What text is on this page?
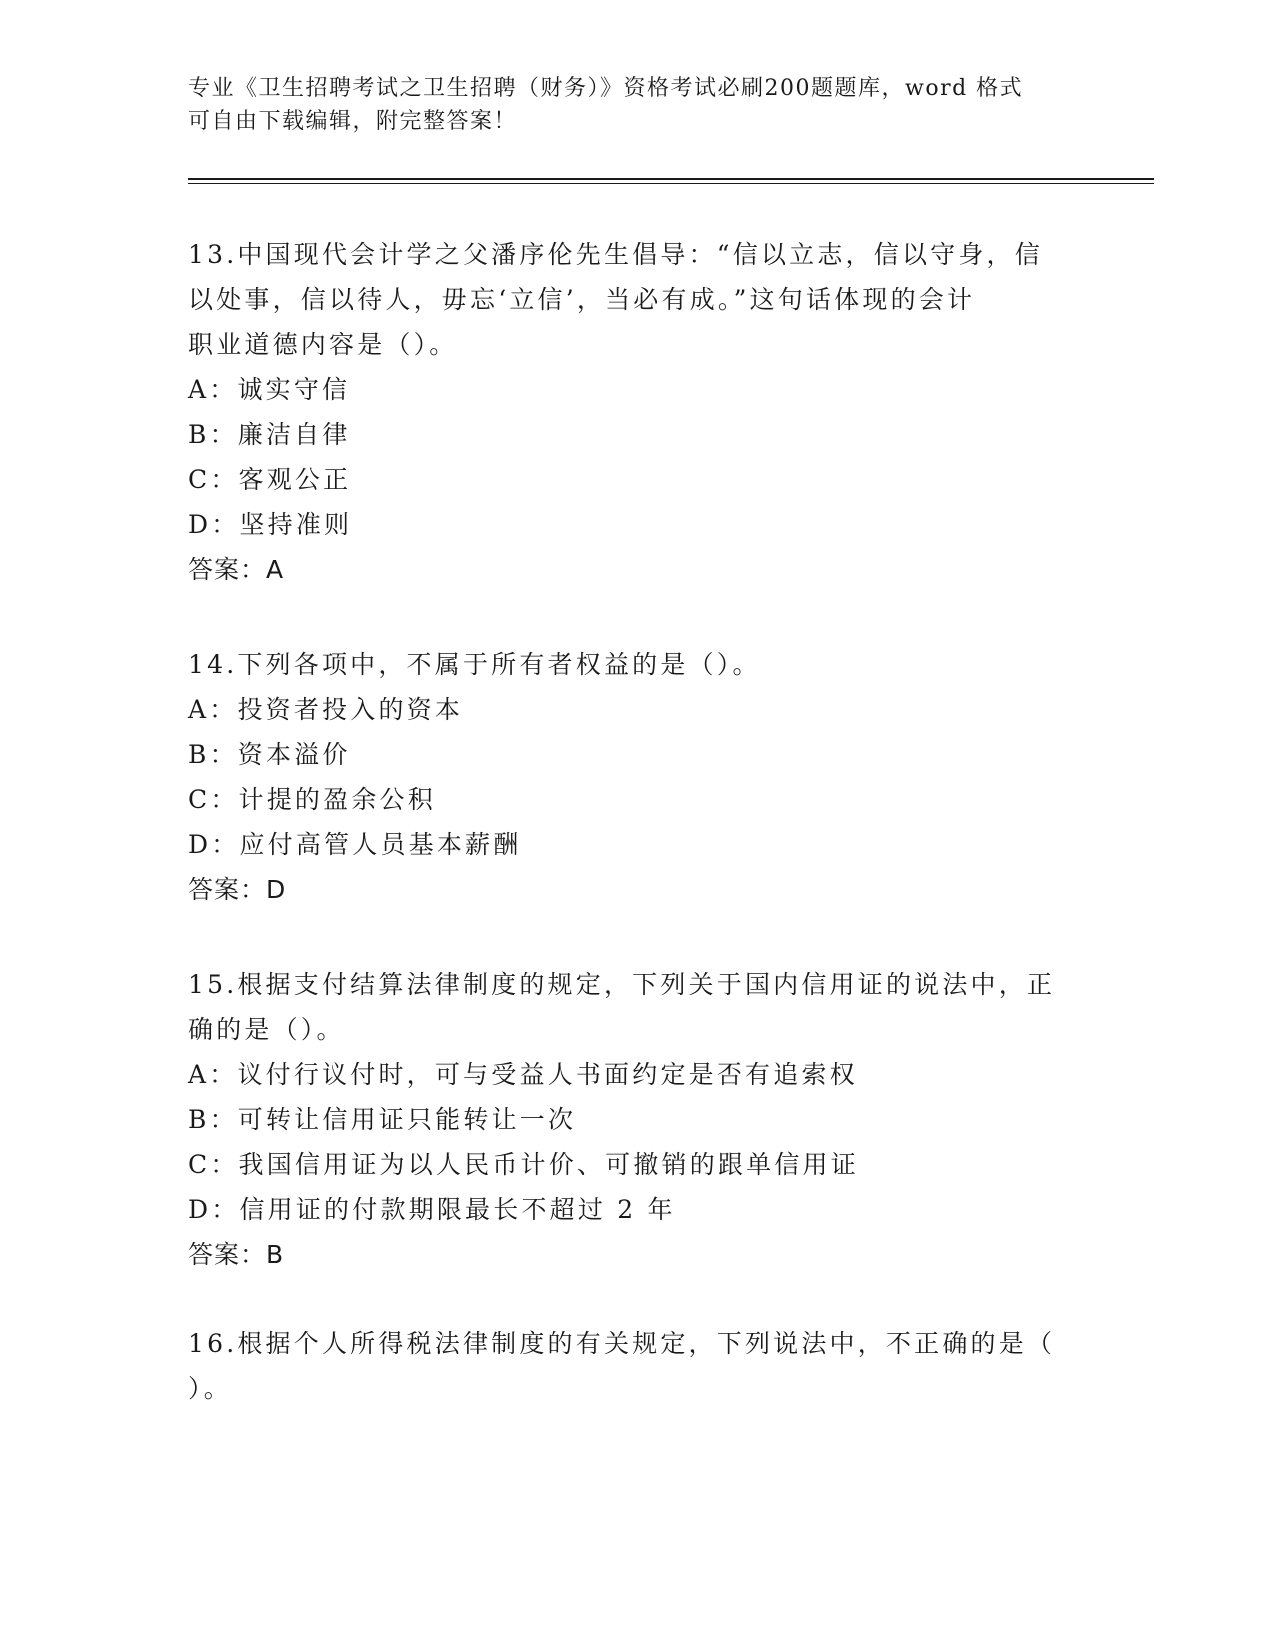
专业《卫生招聘考试之卫生招聘（财务）》资格考试必刷200题题库，word 格式
可自由下载编辑，附完整答案！
13.中国现代会计学之父潘序伦先生倡导：“信以立志，信以守身，信
以处事，信以待人，毋忘‘立信’，当必有成。”这句话体现的会计
职业道德内容是（）。
A：诚实守信
B：廉洁自律
C：客观公正
D：坚持准则
答案：A
14.下列各项中，不属于所有者权益的是（）。
A：投资者投入的资本
B：资本溢价
C：计提的盈余公积
D：应付高管人员基本薪酬
答案：D
15.根据支付结算法律制度的规定，下列关于国内信用证的说法中，正
确的是（）。
A：议付行议付时，可与受益人书面约定是否有追索权
B：可转让信用证只能转让一次
C：我国信用证为以人民币计价、可撤销的跟单信用证
D：信用证的付款期限最长不超过 2 年
答案：B
16.根据个人所得税法律制度的有关规定，下列说法中，不正确的是（
）。
